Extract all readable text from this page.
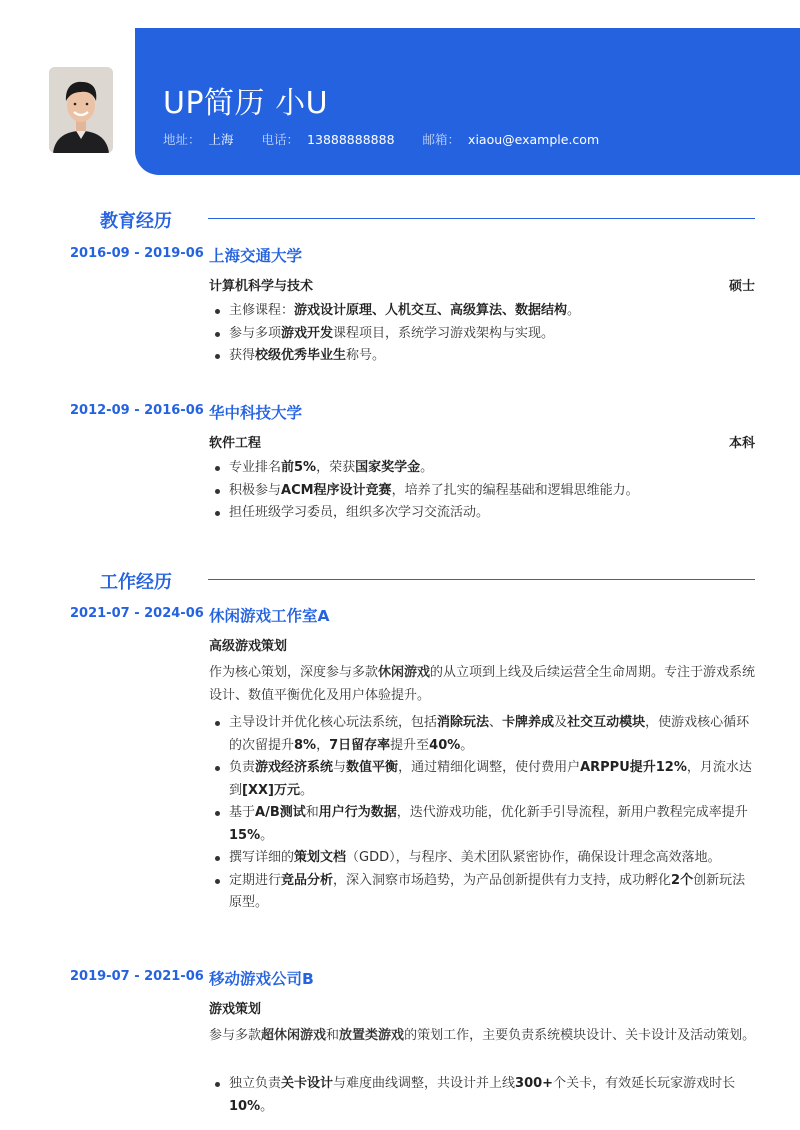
UP简历 小U
地址： 上海 电话： 13888888888 邮箱： xiaou@example.com
教育经历
2016-09 - 2019-06 上海交通大学
计算机科学与技术	硕士
主修课程：游戏设计原理、人机交互、高级算法、数据结构。
参与多项游戏开发课程项目，系统学习游戏架构与实现。
获得校级优秀毕业生称号。
2012-09 - 2016-06 华中科技大学
软件工程	本科
专业排名前5%，荣获国家奖学金。
积极参与ACM程序设计竞赛，培养了扎实的编程基础和逻辑思维能力。
担任班级学习委员，组织多次学习交流活动。
工作经历
2021-07 - 2024-06 休闲游戏工作室A
高级游戏策划
作为核心策划，深度参与多款休闲游戏的从立项到上线及后续运营全生命周期。专注于游戏系统设计、数值平衡优化及用户体验提升。
主导设计并优化核心玩法系统，包括消除玩法、卡牌养成及社交互动模块，使游戏核心循环的次留提升8%，7日留存率提升至40%。
负责游戏经济系统与数值平衡，通过精细化调整，使付费用户ARPPU提升12%，月流水达到[XX]万元。
基于A/B测试和用户行为数据，迭代游戏功能，优化新手引导流程，新用户教程完成率提升15%。
撰写详细的策划文档（GDD），与程序、美术团队紧密协作，确保设计理念高效落地。
定期进行竞品分析，深入洞察市场趋势，为产品创新提供有力支持，成功孵化2个创新玩法原型。
2019-07 - 2021-06 移动游戏公司B
游戏策划
参与多款超休闲游戏和放置类游戏的策划工作，主要负责系统模块设计、关卡设计及活动策划。
独立负责关卡设计与难度曲线调整，共设计并上线300+个关卡，有效延长玩家游戏时长10%。
